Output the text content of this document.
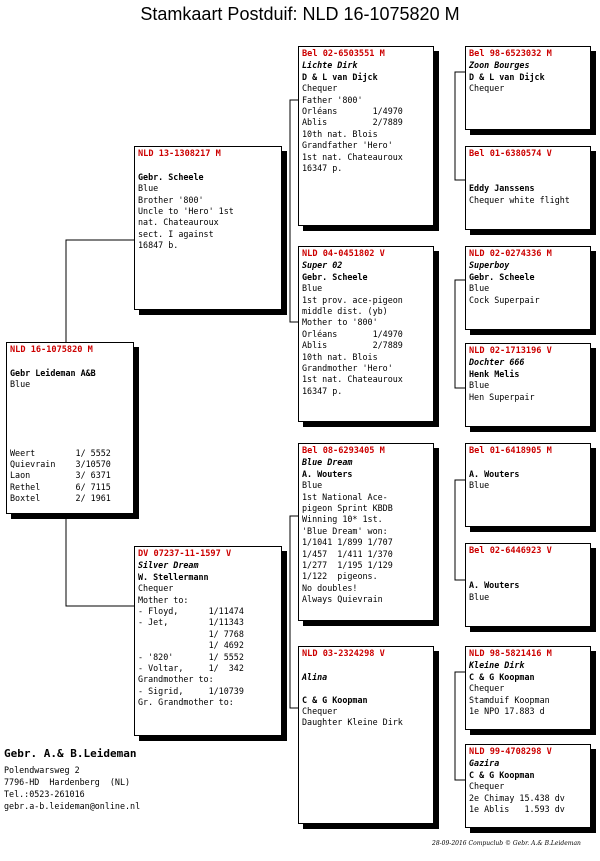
Stamkaart Postduif: NLD 16-1075820 M
NLD 16-1075820 M
Gebr Leideman A&B
Blue
Weert        1/ 5552
Quievrain    3/10570
Laon         3/ 6371
Rethel       6/ 7115
Boxtel       2/ 1961
NLD 13-1308217 M
Gebr. Scheele
Blue
Brother '800'
Uncle to 'Hero' 1st
nat. Chateauroux
sect. I against
16847 b.
DV 07237-11-1597 V
Silver Dream
W. Stellermann
Chequer
Mother to:
- Floyd,      1/11474
- Jet,        1/11343
1/ 7768
1/ 4692
- '820'       1/ 5552
- Voltar,     1/  342
Grandmother to:
- Sigrid,     1/10739
Gr. Grandmother to:
Bel 02-6503551 M
Lichte Dirk
D & L van Dijck
Chequer
Father '800'
Orléans       1/4970
Ablis         2/7889
10th nat. Blois
Grandfather 'Hero'
1st nat. Chateauroux
16347 p.
NLD 04-0451802 V
Super 02
Gebr. Scheele
Blue
1st prov. ace-pigeon
middle dist. (yb)
Mother to '800'
Orléans       1/4970
Ablis         2/7889
10th nat. Blois
Grandmother 'Hero'
1st nat. Chateauroux
16347 p.
Bel 08-6293405 M
Blue Dream
A. Wouters
Blue
1st National Ace-
pigeon Sprint KBDB
Winning 10* 1st.
'Blue Dream' won:
1/1041 1/899 1/707
1/457  1/411 1/370
1/277  1/195 1/129
1/122  pigeons.
No doubles!
Always Quievrain
NLD 03-2324298 V
Alina
C & G Koopman
Chequer
Daughter Kleine Dirk
Bel 98-6523032 M
Zoon Bourges
D & L van Dijck
Chequer
Bel 01-6380574 V
Eddy Janssens
Chequer white flight
NLD 02-0274336 M
Superboy
Gebr. Scheele
Blue
Cock Superpair
NLD 02-1713196 V
Dochter 666
Henk Melis
Blue
Hen Superpair
Bel 01-6418905 M
A. Wouters
Blue
Bel 02-6446923 V
A. Wouters
Blue
NLD 98-5821416 M
Kleine Dirk
C & G Koopman
Chequer
Stamduif Koopman
1e NPO 17.883 d
NLD 99-4708298 V
Gazira
C & G Koopman
Chequer
2e Chimay 15.438 dv
1e Ablis   1.593 dv
Gebr. A.& B.Leideman
Polendwarsweg 2
7796-HD  Hardenberg  (NL)
Tel.:0523-261016
gebr.a-b.leideman@online.nl
28-09-2016 Compuclub © Gebr. A.& B.Leideman
